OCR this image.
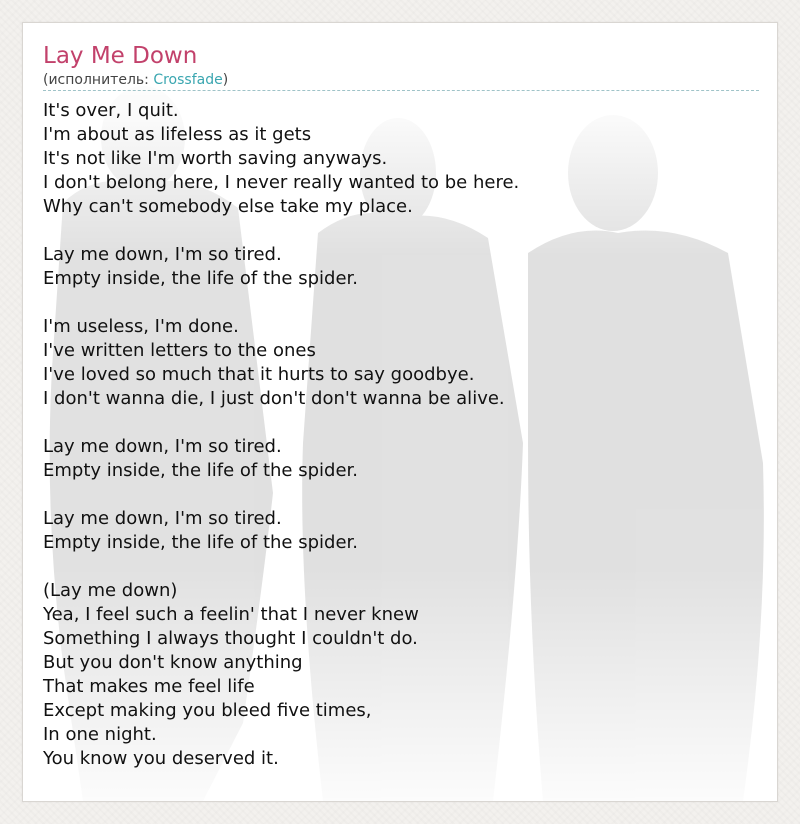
Lay Me Down
(исполнитель: Crossfade)
It's over, I quit.
I'm about as lifeless as it gets
It's not like I'm worth saving anyways.
I don't belong here, I never really wanted to be here.
Why can't somebody else take my place.
Lay me down, I'm so tired.
Empty inside, the life of the spider.
I'm useless, I'm done.
I've written letters to the ones
I've loved so much that it hurts to say goodbye.
I don't wanna die, I just don't don't wanna be alive.
Lay me down, I'm so tired.
Empty inside, the life of the spider.
Lay me down, I'm so tired.
Empty inside, the life of the spider.
(Lay me down)
Yea, I feel such a feelin' that I never knew
Something I always thought I couldn't do.
But you don't know anything
That makes me feel life
Except making you bleed five times,
In one night.
You know you deserved it.
